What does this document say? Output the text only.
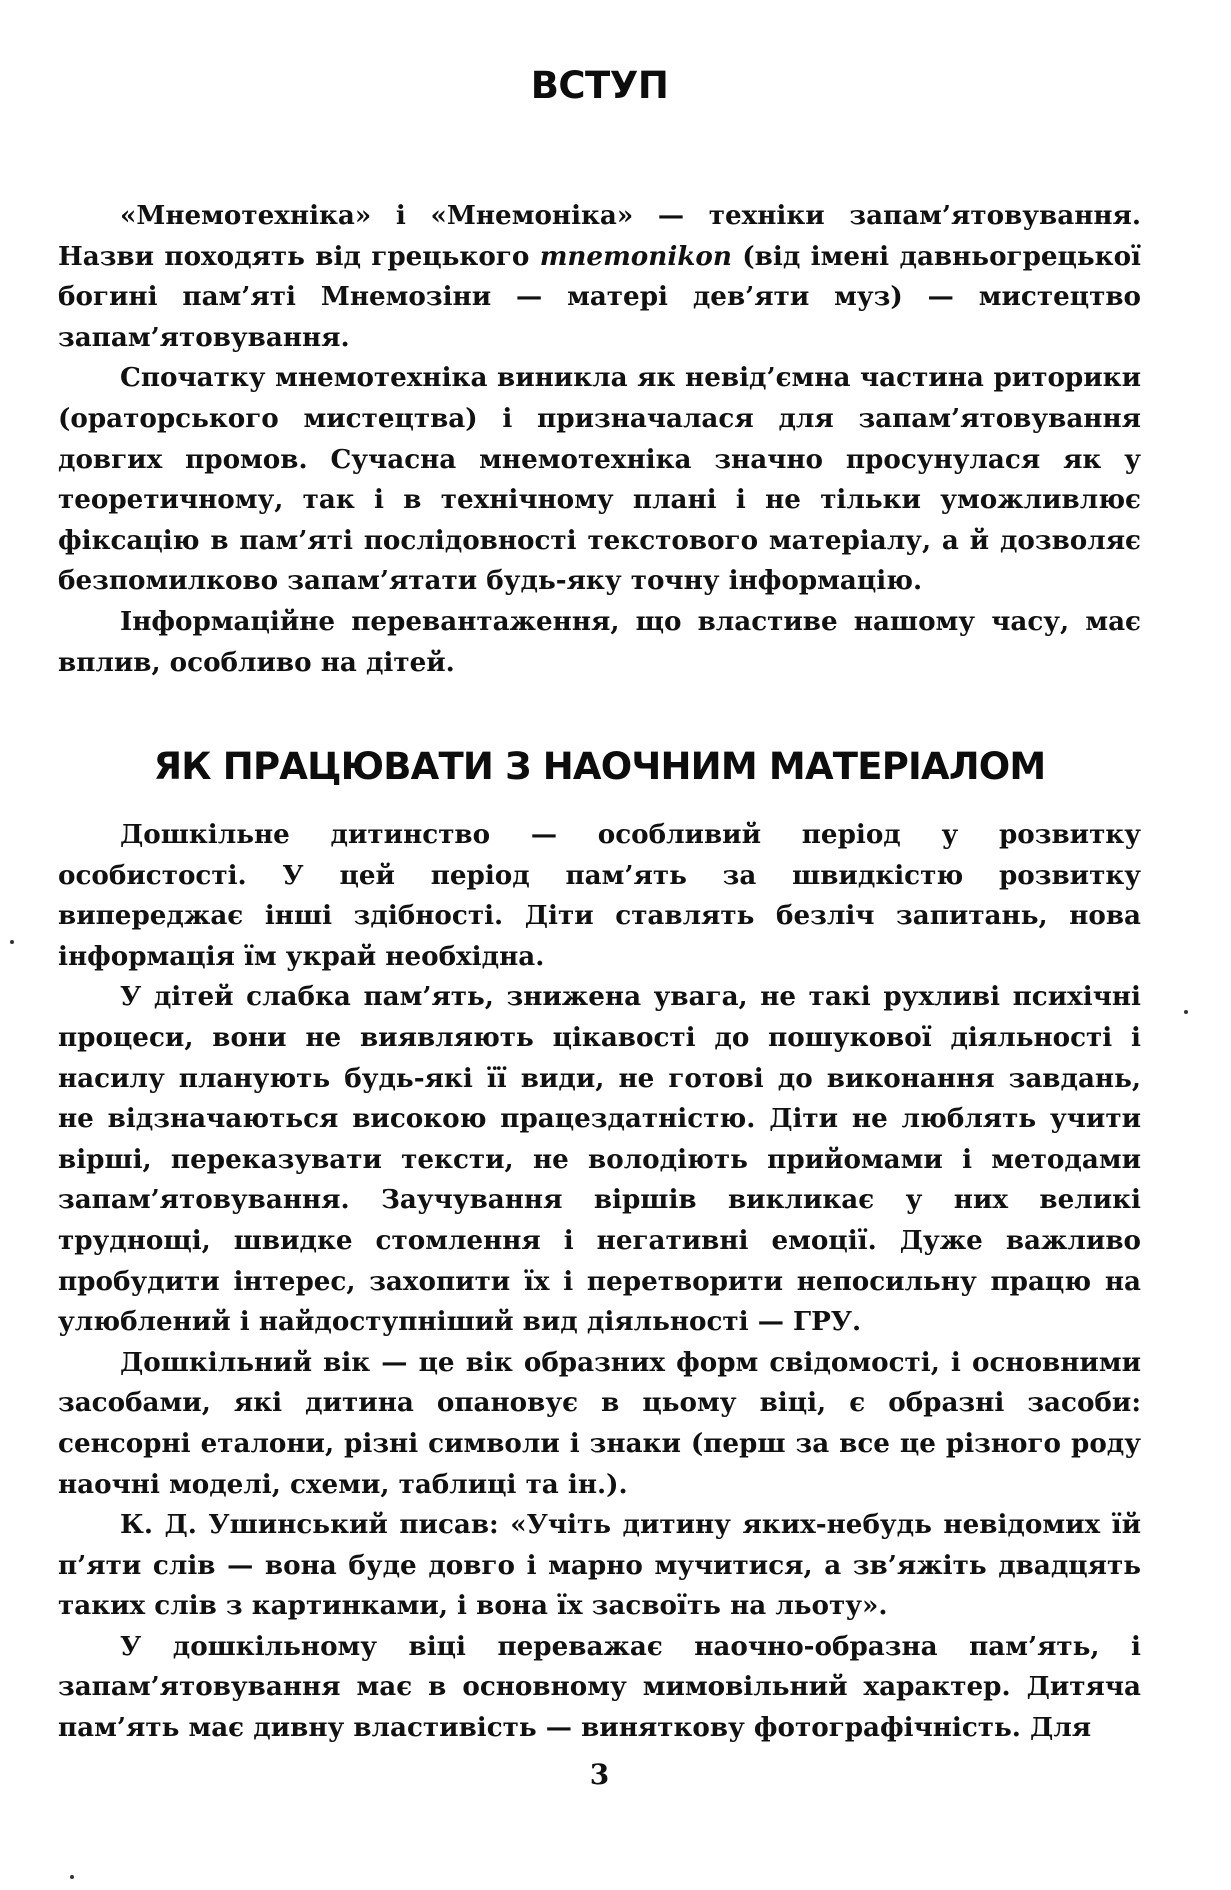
ВСТУП

«Мнемотехніка» і «Мнемоніка» — техніки запам’ятовування. Назви походять від грецького mnemonikon (від імені давньогрецької богині пам’яті Мнемозіни — матері дев’яти муз) — мистецтво запам’ятовування.

Спочатку мнемотехніка виникла як невід’ємна частина риторики (ораторського мистецтва) і призначалася для запам’ятовування довгих промов. Сучасна мнемотехніка значно просунулася як у теоретичному, так і в технічному плані і не тільки уможливлює фіксацію в пам’яті послідовності текстового матеріалу, а й дозволяє безпомилково запам’ятати будь-яку точну інформацію.

Інформаційне перевантаження, що властиве нашому часу, має вплив, особливо на дітей.

ЯК ПРАЦЮВАТИ З НАОЧНИМ МАТЕРІАЛОМ

Дошкільне дитинство — особливий період у розвитку особистості. У цей період пам’ять за швидкістю розвитку випереджає інші здібності. Діти ставлять безліч запитань, нова інформація їм украй необхідна.

У дітей слабка пам’ять, знижена увага, не такі рухливі психічні процеси, вони не виявляють цікавості до пошукової діяльності і насилу планують будь-які її види, не готові до виконання завдань, не відзначаються високою працездатністю. Діти не люблять учити вірші, переказувати тексти, не володіють прийомами і методами запам’ятовування. Заучування віршів викликає у них великі труднощі, швидке стомлення і негативні емоції. Дуже важливо пробудити інтерес, захопити їх і перетворити непосильну працю на улюблений і найдоступніший вид діяльності — ГРУ.

Дошкільний вік — це вік образних форм свідомості, і основними засобами, які дитина опановує в цьому віці, є образні засоби: сенсорні еталони, різні символи і знаки (перш за все це різного роду наочні моделі, схеми, таблиці та ін.).

К. Д. Ушинський писав: «Учіть дитину яких-небудь невідомих їй п’яти слів — вона буде довго і марно мучитися, а зв’яжіть двадцять таких слів з картинками, і вона їх засвоїть на льоту».

У дошкільному віці переважає наочно-образна пам’ять, і запам’ятовування має в основному мимовільний характер. Дитяча пам’ять має дивну властивість — виняткову фотографічність. Для

3
